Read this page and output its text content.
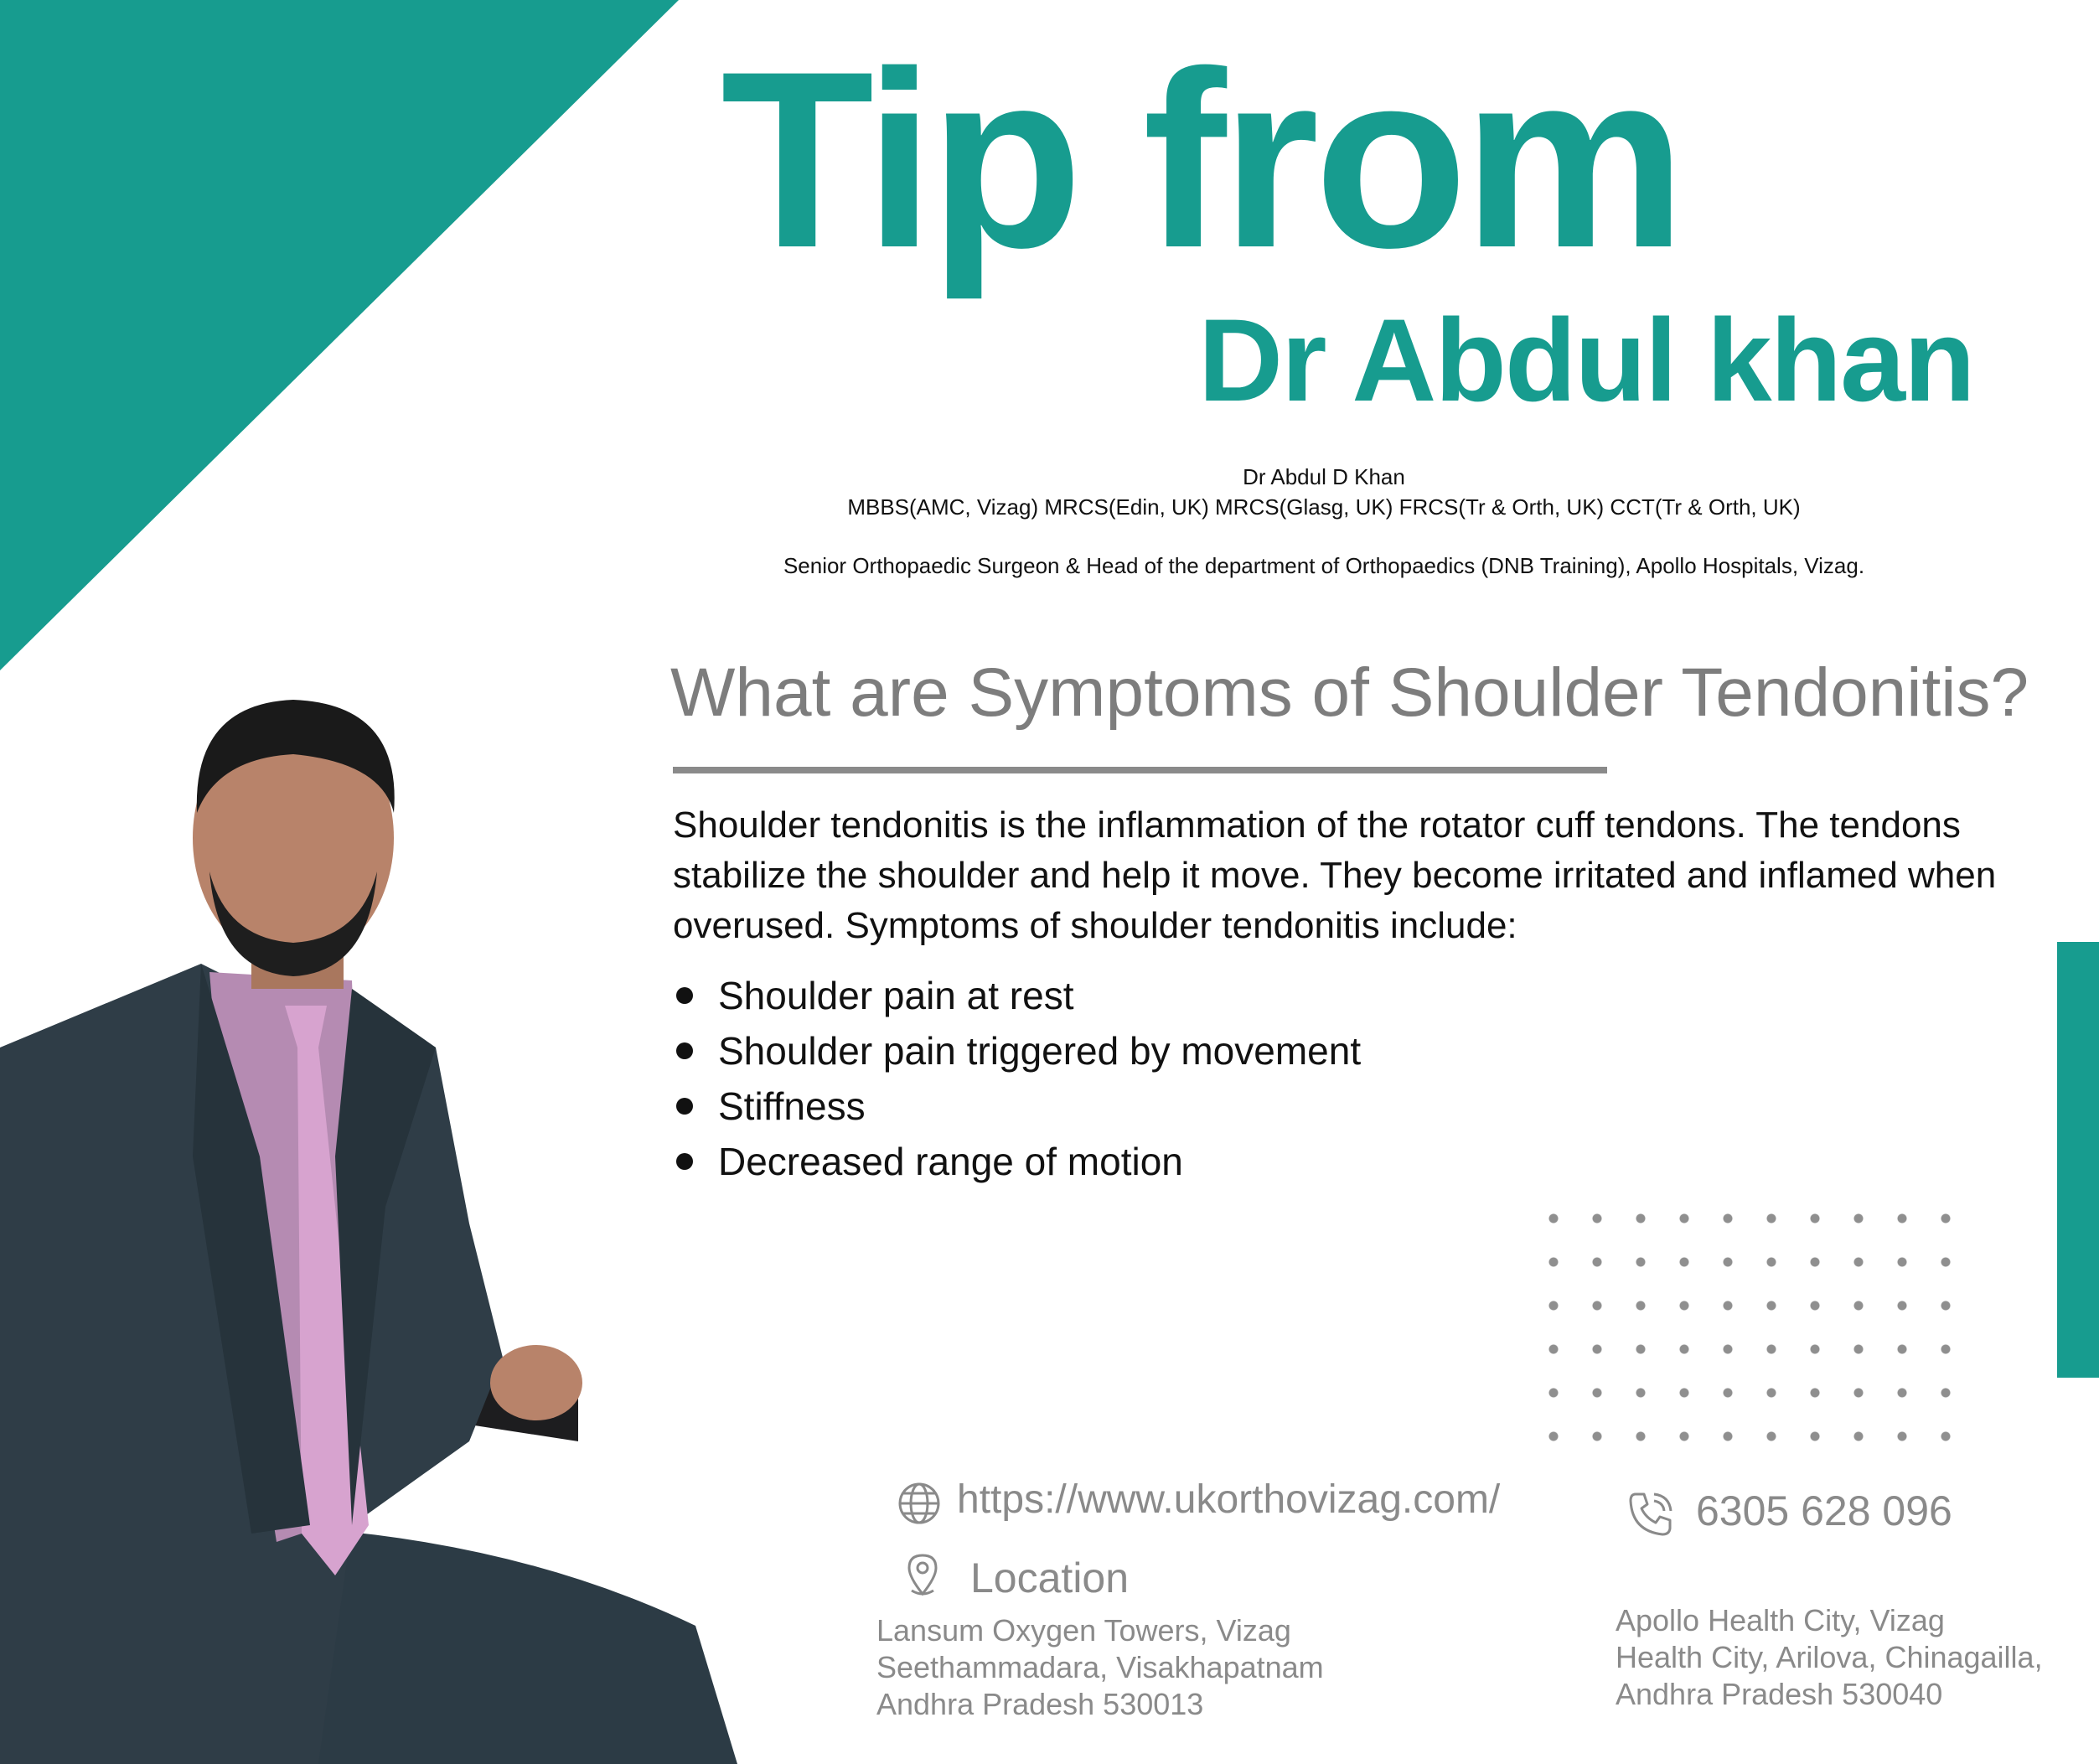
Tip from
Dr Abdul khan
Dr Abdul D Khan
MBBS(AMC, Vizag) MRCS(Edin, UK) MRCS(Glasg, UK) FRCS(Tr & Orth, UK) CCT(Tr & Orth, UK)
Senior Orthopaedic Surgeon & Head of the department of Orthopaedics (DNB Training), Apollo Hospitals, Vizag.
What are Symptoms of Shoulder Tendonitis?

Shoulder tendonitis is the inflammation of the rotator cuff tendons. The tendons stabilize the shoulder and help it move. They become irritated and inflamed when overused. Symptoms of shoulder tendonitis include:

Shoulder pain at rest
Shoulder pain triggered by movement
Stiffness
Decreased range of motion
https://www.ukorthovizag.com/	6305 628 096
Location
Lansum Oxygen Towers, Vizag
Seethammadara, Visakhapatnam
Andhra Pradesh 530013
Apollo Health City, Vizag
Health City, Arilova, Chinagailla,
Andhra Pradesh 530040
